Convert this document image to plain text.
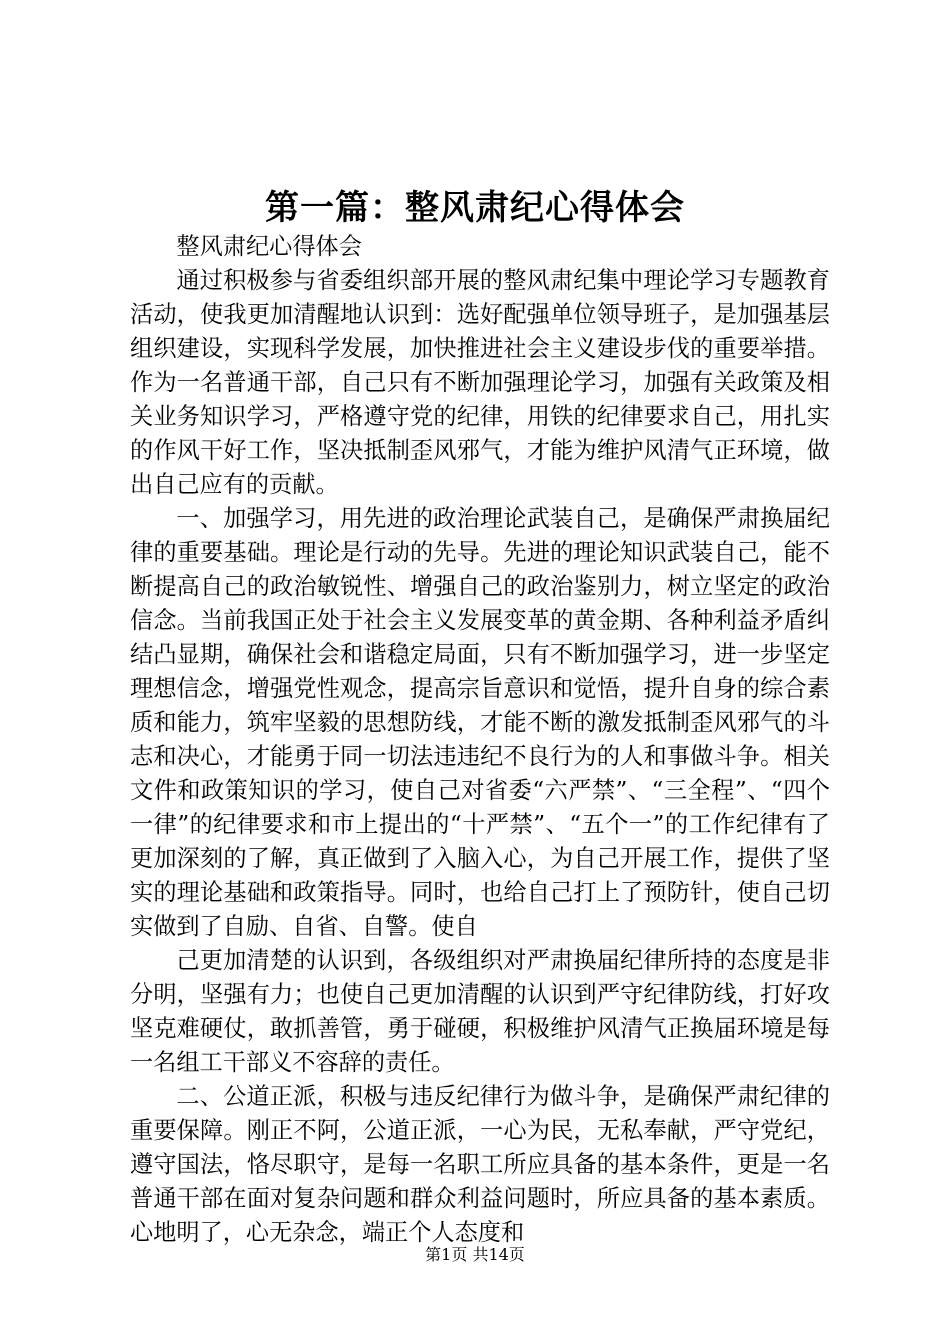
第一篇：整风肃纪心得体会

整风肃纪心得体会

通过积极参与省委组织部开展的整风肃纪集中理论学习专题教育活动，使我更加清醒地认识到：选好配强单位领导班子，是加强基层组织建设，实现科学发展，加快推进社会主义建设步伐的重要举措。作为一名普通干部，自己只有不断加强理论学习，加强有关政策及相关业务知识学习，严格遵守党的纪律，用铁的纪律要求自己，用扎实的作风干好工作，坚决抵制歪风邪气，才能为维护风清气正环境，做出自己应有的贡献。

一、加强学习，用先进的政治理论武装自己，是确保严肃换届纪律的重要基础。理论是行动的先导。先进的理论知识武装自己，能不断提高自己的政治敏锐性、增强自己的政治鉴别力，树立坚定的政治信念。当前我国正处于社会主义发展变革的黄金期、各种利益矛盾纠结凸显期，确保社会和谐稳定局面，只有不断加强学习，进一步坚定理想信念，增强党性观念，提高宗旨意识和觉悟，提升自身的综合素质和能力，筑牢坚毅的思想防线，才能不断的激发抵制歪风邪气的斗志和决心，才能勇于同一切法违违纪不良行为的人和事做斗争。相关文件和政策知识的学习，使自己对省委“六严禁”、“三全程”、“四个一律”的纪律要求和市上提出的“十严禁”、“五个一”的工作纪律有了更加深刻的了解，真正做到了入脑入心，为自己开展工作，提供了坚实的理论基础和政策指导。同时，也给自己打上了预防针，使自己切实做到了自励、自省、自警。使自

己更加清楚的认识到，各级组织对严肃换届纪律所持的态度是非分明，坚强有力；也使自己更加清醒的认识到严守纪律防线，打好攻坚克难硬仗，敢抓善管，勇于碰硬，积极维护风清气正换届环境是每一名组工干部义不容辞的责任。

二、公道正派，积极与违反纪律行为做斗争，是确保严肃纪律的重要保障。刚正不阿，公道正派，一心为民，无私奉献，严守党纪，遵守国法，恪尽职守，是每一名职工所应具备的基本条件，更是一名普通干部在面对复杂问题和群众利益问题时，所应具备的基本素质。心地明了，心无杂念，端正个人态度和

第1页 共14页
